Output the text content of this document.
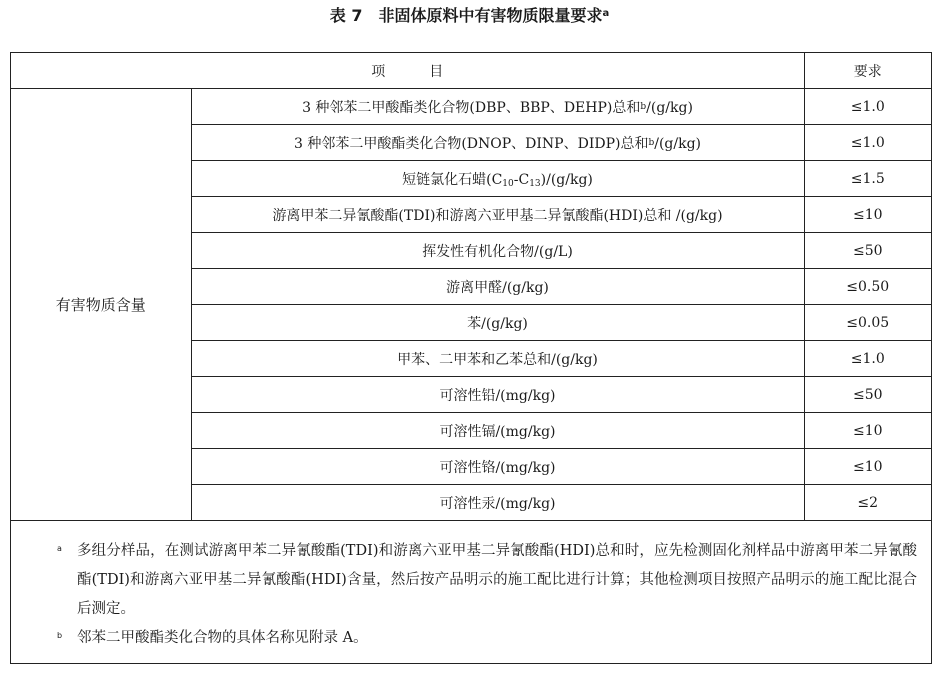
表 7　非固体原料中有害物质限量要求$^a$
项 目		要求
有害物质含量	3 种邻苯二甲酸酯类化合物(DBP、BBP、DEHP)总和$^b$/(g/kg)	≤1.0
	3 种邻苯二甲酸酯类化合物(DNOP、DINP、DIDP)总和$^b$/(g/kg)	≤1.0
	短链氯化石蜡$(C_{10}-C_{13})/(g/kg)$	≤1.5
	游离甲苯二异氰酸酯(TDI)和游离六亚甲基二异氰酸酯(HDI)总和 /(g/kg)	≤10
	挥发性有机化合物/(g/L)	≤50
	游离甲醛/(g/kg)	≤0.50
	苯/(g/kg)	≤0.05
	甲苯、二甲苯和乙苯总和/(g/kg)	≤1.0
	可溶性铅/(mg/kg)	≤50
	可溶性镉/(mg/kg)	≤10
	可溶性铬/(mg/kg)	≤10
	可溶性汞/(mg/kg)	≤2
a 多组分样品，在测试游离甲苯二异氰酸酯(TDI)和游离六亚甲基二异氰酸酯(HDI)总和时，应先检测固化剂样品中游离甲苯二异氰酸酯(TDI)和游离六亚甲基二异氰酸酯(HDI)含量，然后按产品明示的施工配比进行计算；其他检测项目按照产品明示的施工配比混合后测定。
b 邻苯二甲酸酯类化合物的具体名称见附录 A。
